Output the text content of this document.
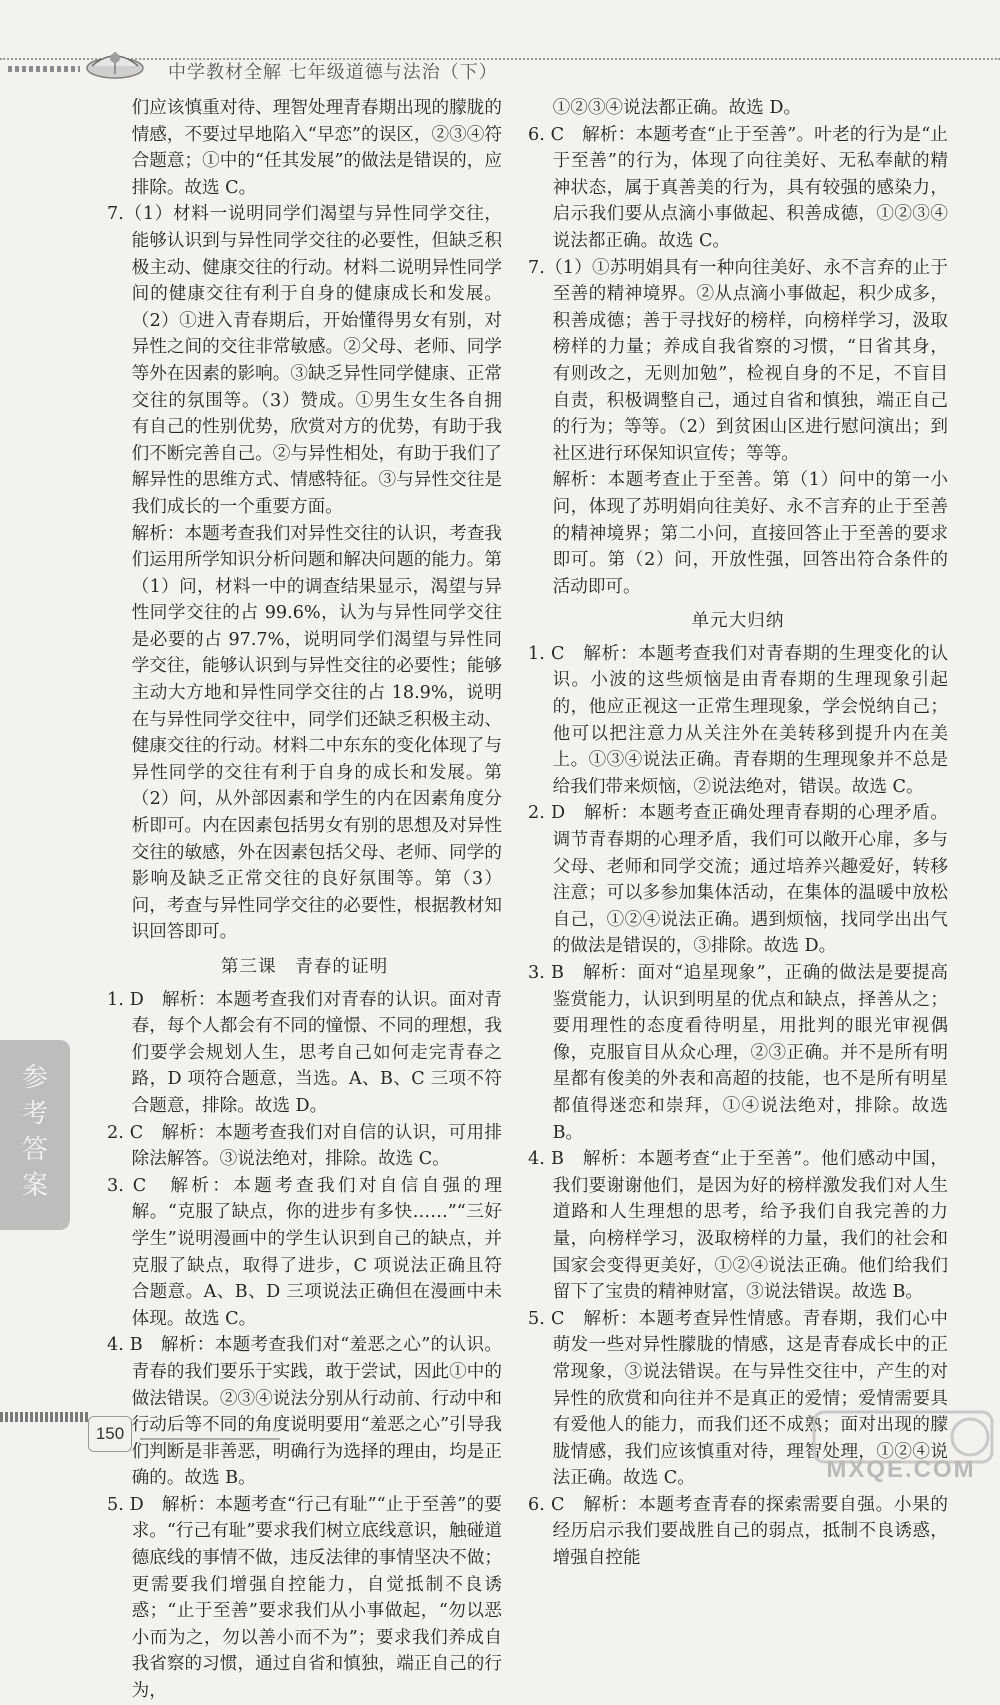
中学教材全解 七年级道德与法治（下）

们应该慎重对待、理智处理青春期出现的朦胧的情感，不要过早地陷入“早恋”的误区，②③④符合题意；①中的“任其发展”的做法是错误的，应排除。故选 C。

7.（1）材料一说明同学们渴望与异性同学交往，能够认识到与异性同学交往的必要性，但缺乏积极主动、健康交往的行动。材料二说明异性同学间的健康交往有利于自身的健康成长和发展。（2）①进入青春期后，开始懂得男女有别，对异性之间的交往非常敏感。②父母、老师、同学等外在因素的影响。③缺乏异性同学健康、正常交往的氛围等。（3）赞成。①男生女生各自拥有自己的性别优势，欣赏对方的优势，有助于我们不断完善自己。②与异性相处，有助于我们了解异性的思维方式、情感特征。③与异性交往是我们成长的一个重要方面。

解析：本题考查我们对异性交往的认识，考查我们运用所学知识分析问题和解决问题的能力。第（1）问，材料一中的调查结果显示，渴望与异性同学交往的占 99.6%，认为与异性同学交往是必要的占 97.7%，说明同学们渴望与异性同学交往，能够认识到与异性交往的必要性；能够主动大方地和异性同学交往的占 18.9%，说明在与异性同学交往中，同学们还缺乏积极主动、健康交往的行动。材料二中东东的变化体现了与异性同学的交往有利于自身的成长和发展。第（2）问，从外部因素和学生的内在因素角度分析即可。内在因素包括男女有别的思想及对异性交往的敏感，外在因素包括父母、老师、同学的影响及缺乏正常交往的良好氛围等。第（3）问，考查与异性同学交往的必要性，根据教材知识回答即可。

第三课　青春的证明

1. D　解析：本题考查我们对青春的认识。面对青春，每个人都会有不同的憧憬、不同的理想，我们要学会规划人生，思考自己如何走完青春之路，D 项符合题意，当选。A、B、C 三项不符合题意，排除。故选 D。

2. C　解析：本题考查我们对自信的认识，可用排除法解答。③说法绝对，排除。故选 C。

3. C　解析：本题考查我们对自信自强的理解。“克服了缺点，你的进步有多快……”“三好学生”说明漫画中的学生认识到自己的缺点，并克服了缺点，取得了进步，C 项说法正确且符合题意。A、B、D 三项说法正确但在漫画中未体现。故选 C。

4. B　解析：本题考查我们对“羞恶之心”的认识。青春的我们要乐于实践，敢于尝试，因此①中的做法错误。②③④说法分别从行动前、行动中和行动后等不同的角度说明要用“羞恶之心”引导我们判断是非善恶，明确行为选择的理由，均是正确的。故选 B。

5. D　解析：本题考查“行己有耻”“止于至善”的要求。“行己有耻”要求我们树立底线意识，触碰道德底线的事情不做，违反法律的事情坚决不做；更需要我们增强自控能力，自觉抵制不良诱惑；“止于至善”要求我们从小事做起，“勿以恶小而为之，勿以善小而不为”；要求我们养成自我省察的习惯，通过自省和慎独，端正自己的行为，

①②③④说法都正确。故选 D。

6. C　解析：本题考查“止于至善”。叶老的行为是“止于至善”的行为，体现了向往美好、无私奉献的精神状态，属于真善美的行为，具有较强的感染力，启示我们要从点滴小事做起、积善成德，①②③④说法都正确。故选 C。

7.（1）①苏明娟具有一种向往美好、永不言弃的止于至善的精神境界。②从点滴小事做起，积少成多，积善成德；善于寻找好的榜样，向榜样学习，汲取榜样的力量；养成自我省察的习惯，“日省其身，有则改之，无则加勉”，检视自身的不足，不盲目自责，积极调整自己，通过自省和慎独，端正自己的行为；等等。（2）到贫困山区进行慰问演出；到社区进行环保知识宣传；等等。

解析：本题考查止于至善。第（1）问中的第一小问，体现了苏明娟向往美好、永不言弃的止于至善的精神境界；第二小问，直接回答止于至善的要求即可。第（2）问，开放性强，回答出符合条件的活动即可。

单元大归纳

1. C　解析：本题考查我们对青春期的生理变化的认识。小波的这些烦恼是由青春期的生理现象引起的，他应正视这一正常生理现象，学会悦纳自己；他可以把注意力从关注外在美转移到提升内在美上。①③④说法正确。青春期的生理现象并不总是给我们带来烦恼，②说法绝对，错误。故选 C。

2. D　解析：本题考查正确处理青春期的心理矛盾。调节青春期的心理矛盾，我们可以敞开心扉，多与父母、老师和同学交流；通过培养兴趣爱好，转移注意；可以多参加集体活动，在集体的温暖中放松自己，①②④说法正确。遇到烦恼，找同学出出气的做法是错误的，③排除。故选 D。

3. B　解析：面对“追星现象”，正确的做法是要提高鉴赏能力，认识到明星的优点和缺点，择善从之；要用理性的态度看待明星，用批判的眼光审视偶像，克服盲目从众心理，②③正确。并不是所有明星都有俊美的外表和高超的技能，也不是所有明星都值得迷恋和崇拜，①④说法绝对，排除。故选 B。

4. B　解析：本题考查“止于至善”。他们感动中国，我们要谢谢他们，是因为好的榜样激发我们对人生道路和人生理想的思考，给予我们自我完善的力量，向榜样学习，汲取榜样的力量，我们的社会和国家会变得更美好，①②④说法正确。他们给我们留下了宝贵的精神财富，③说法错误。故选 B。

5. C　解析：本题考查异性情感。青春期，我们心中萌发一些对异性朦胧的情感，这是青春成长中的正常现象，③说法错误。在与异性交往中，产生的对异性的欣赏和向往并不是真正的爱情；爱情需要具有爱他人的能力，而我们还不成熟；面对出现的朦胧情感，我们应该慎重对待，理智处理，①②④说法正确。故选 C。

6. C　解析：本题考查青春的探索需要自强。小果的经历启示我们要战胜自己的弱点，抵制不良诱惑，增强自控能

参考答案
150
MXQE.COM
